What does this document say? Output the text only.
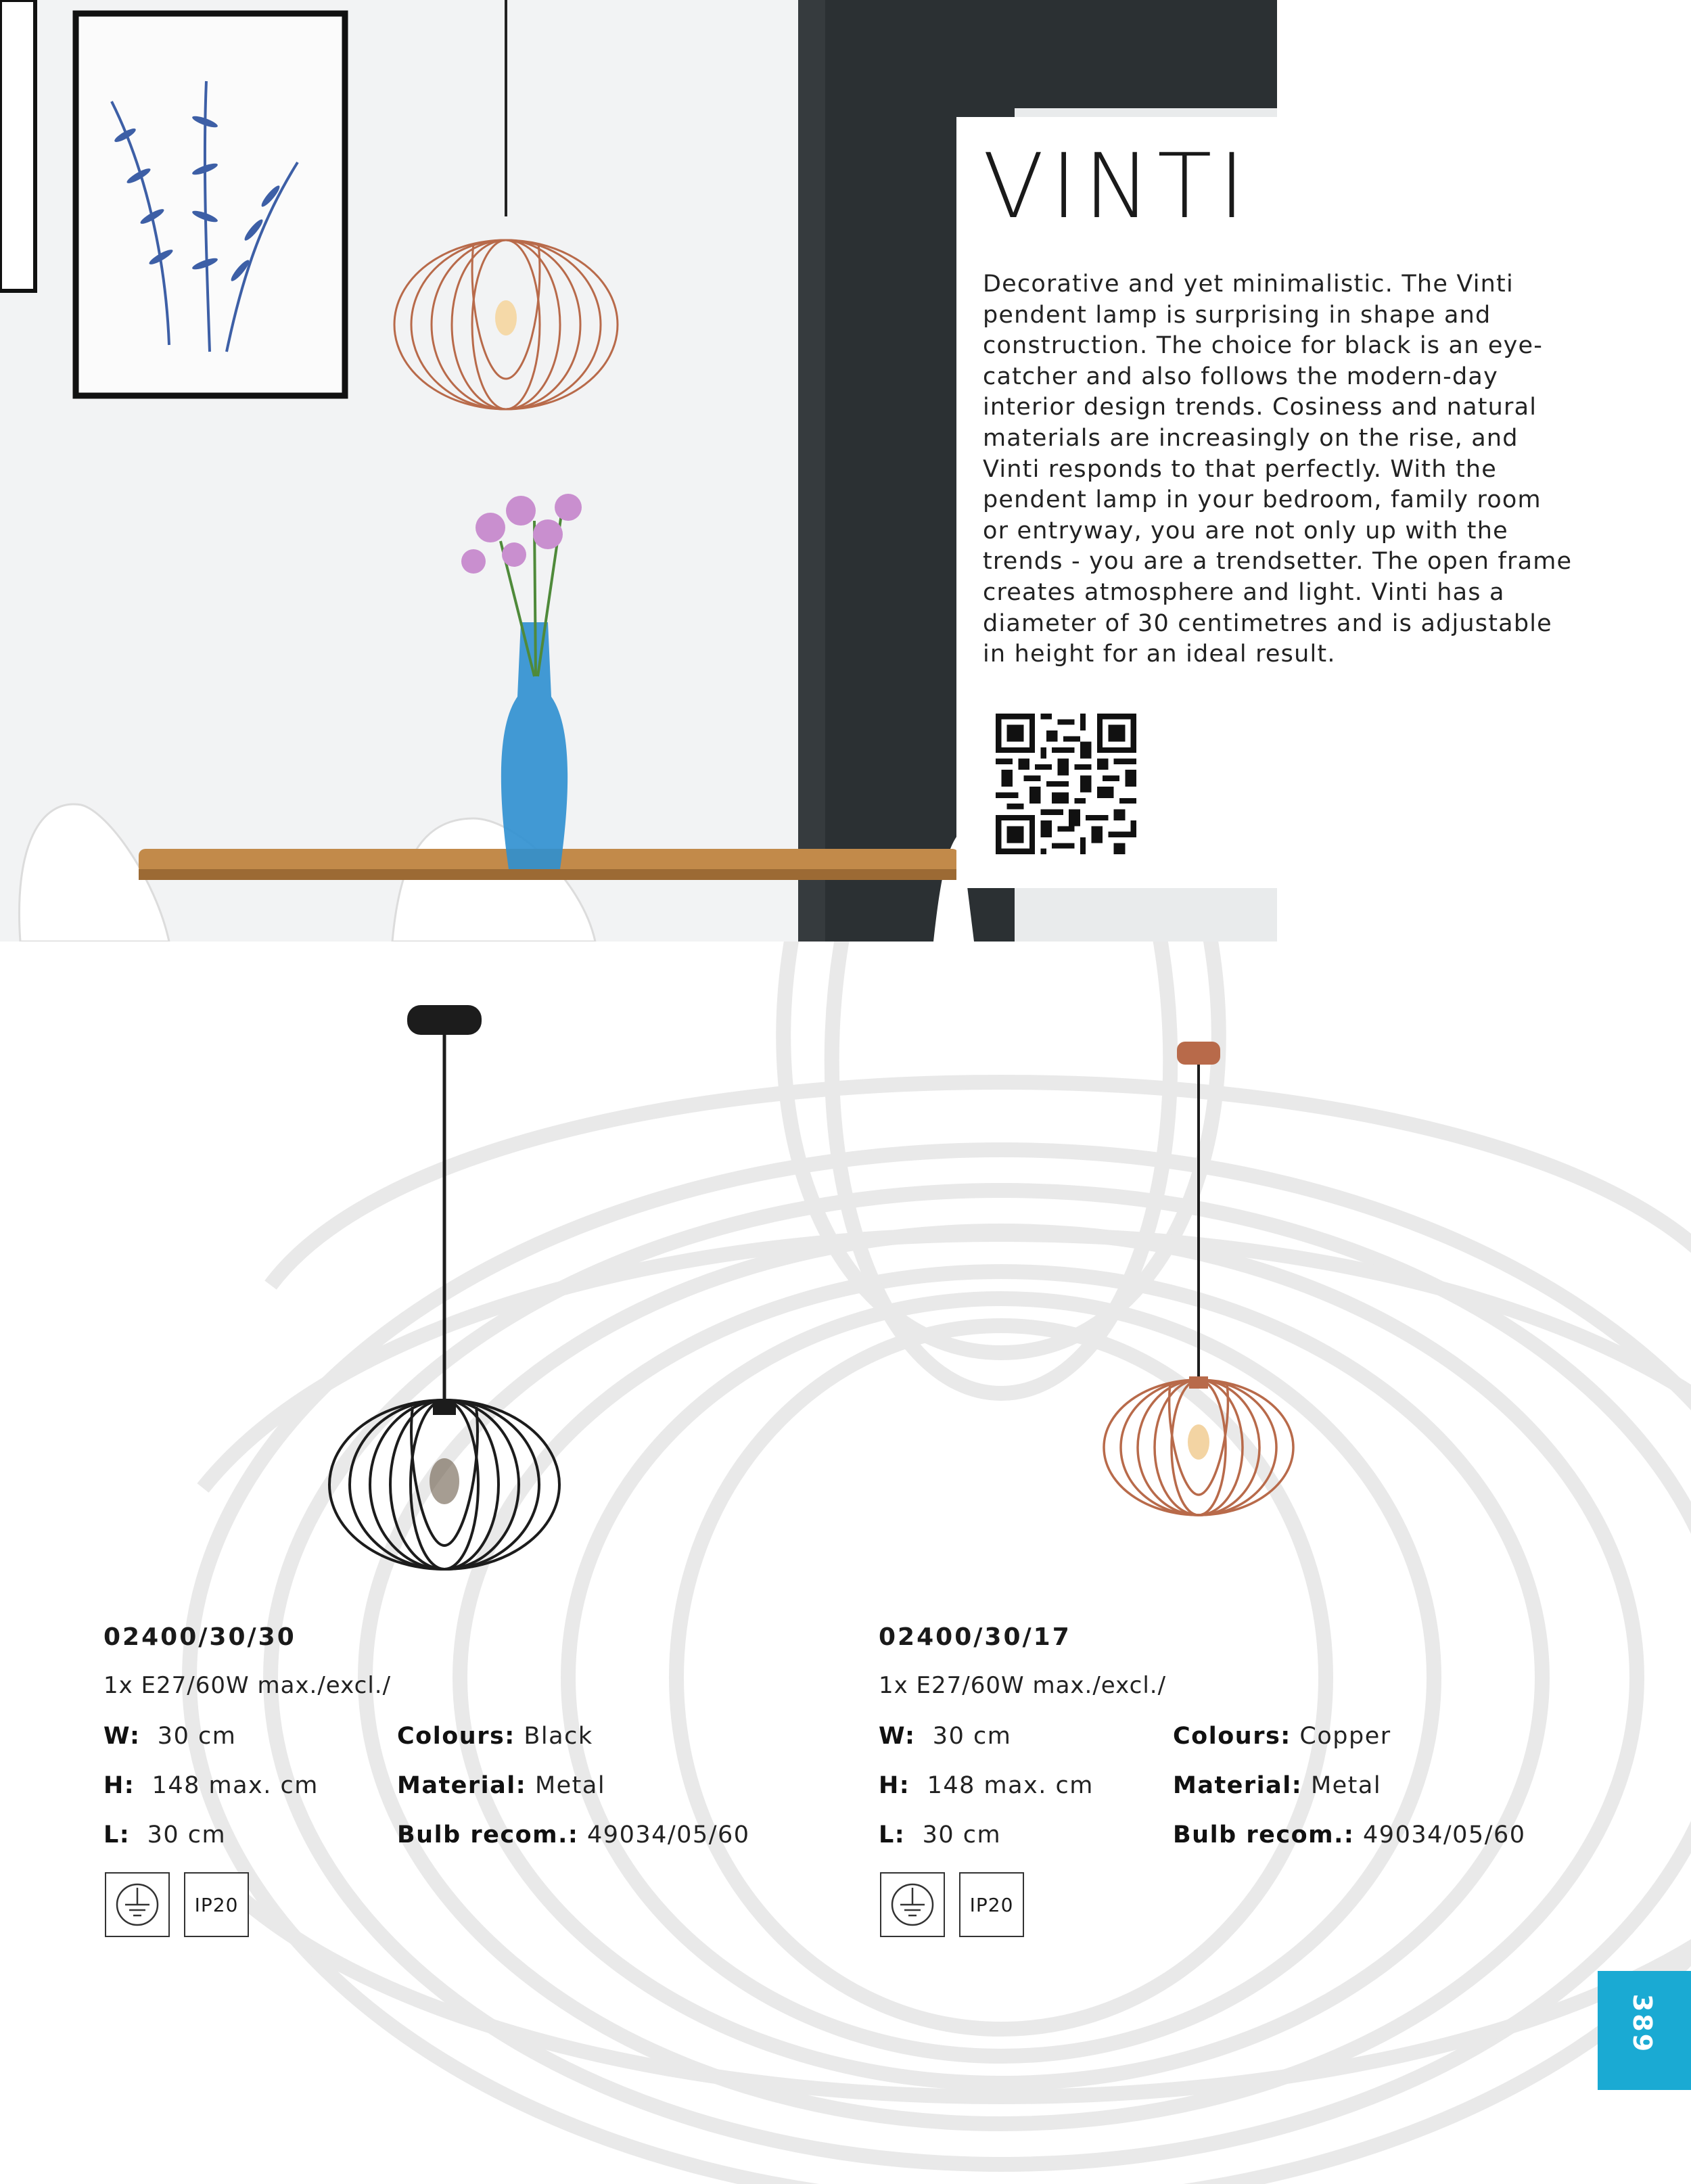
VINTI
Decorative and yet minimalistic. The Vinti
pendent lamp is surprising in shape and
construction. The choice for black is an eye-
catcher and also follows the modern-day
interior design trends. Cosiness and natural
materials are increasingly on the rise, and
Vinti responds to that perfectly. With the
pendent lamp in your bedroom, family room
or entryway, you are not only up with the
trends - you are a trendsetter. The open frame
creates atmosphere and light. Vinti has a
diameter of 30 centimetres and is adjustable
in height for an ideal result.
02400/30/30
1x E27/60W max./excl./
W: 30 cm
H: 148 max. cm
L: 30 cm
Colours: Black
Material: Metal
Bulb recom.: 49034/05/60
IP20
02400/30/17
1x E27/60W max./excl./
W: 30 cm
H: 148 max. cm
L: 30 cm
Colours: Copper
Material: Metal
Bulb recom.: 49034/05/60
IP20
389
